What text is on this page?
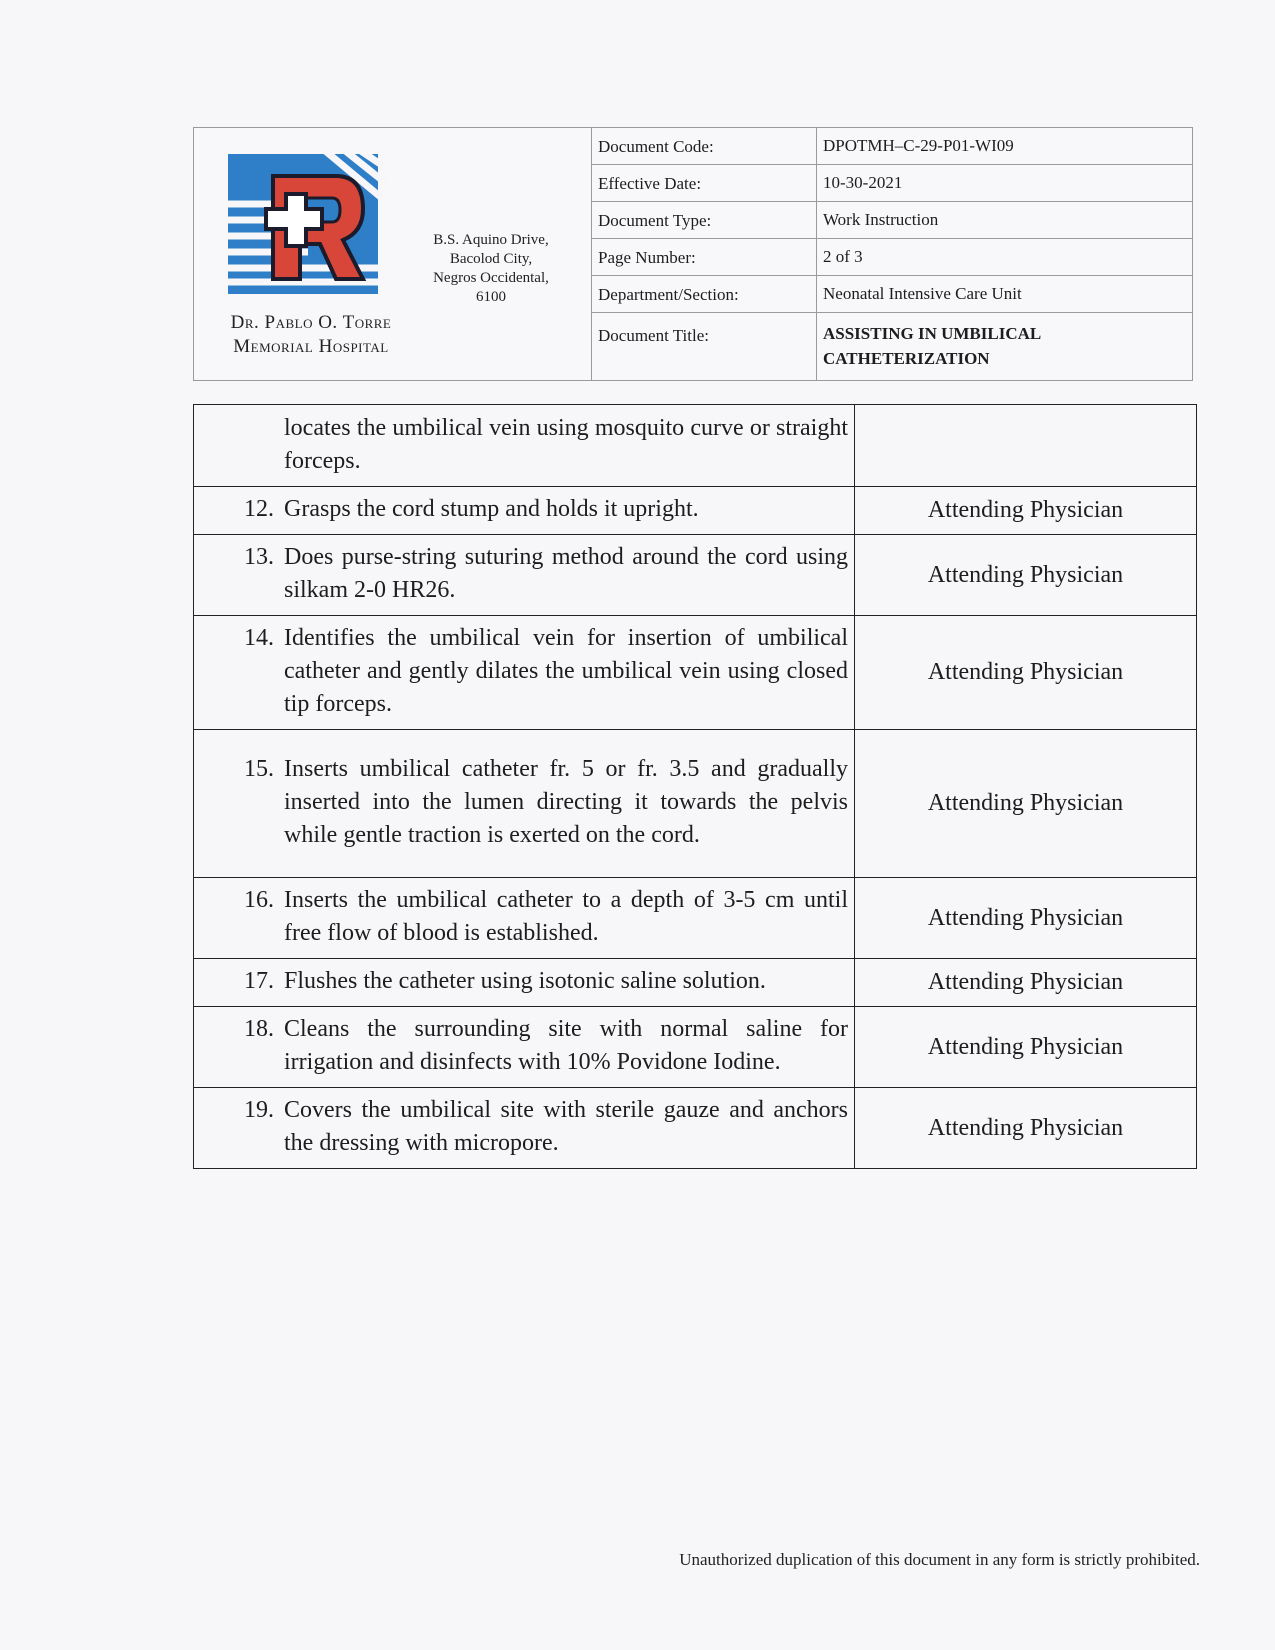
Dr. Pablo O. Torre
Memorial Hospital
B.S. Aquino Drive,
Bacolod City,
Negros Occidental,
6100
Document Code:	DPOTMH–C-29-P01-WI09
Effective Date:	10-30-2021
Document Type:	Work Instruction
Page Number:	2 of 3
Department/Section:	Neonatal Intensive Care Unit
Document Title:	ASSISTING IN UMBILICAL CATHETERIZATION
locates the umbilical vein using mosquito curve or straight forceps.	

12. Grasps the cord stump and holds it upright.	Attending Physician

13. Does purse-string suturing method around the cord using silkam 2-0 HR26.	Attending Physician

14. Identifies the umbilical vein for insertion of umbilical catheter and gently dilates the umbilical vein using closed tip forceps.	Attending Physician

15. Inserts umbilical catheter fr. 5 or fr. 3.5 and gradually inserted into the lumen directing it towards the pelvis while gentle traction is exerted on the cord.	Attending Physician

16. Inserts the umbilical catheter to a depth of 3-5 cm until free flow of blood is established.	Attending Physician

17. Flushes the catheter using isotonic saline solution.	Attending Physician

18. Cleans the surrounding site with normal saline for irrigation and disinfects with 10% Povidone Iodine.	Attending Physician

19. Covers the umbilical site with sterile gauze and anchors the dressing with micropore.	Attending Physician
Unauthorized duplication of this document in any form is strictly prohibited.
